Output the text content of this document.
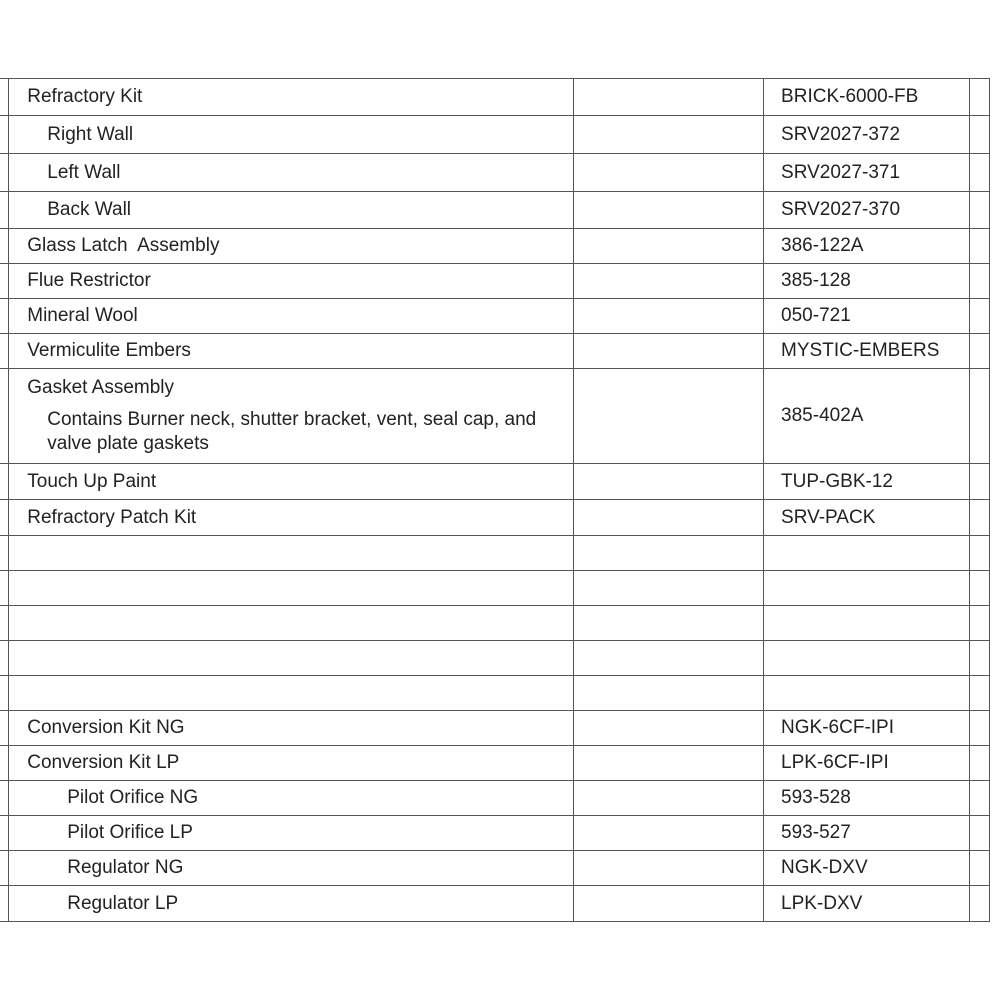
	Refractory Kit		BRICK-6000-FB	
	Right Wall		SRV2027-372	
	Left Wall		SRV2027-371	
	Back Wall		SRV2027-370	
	Glass Latch  Assembly		386-122A	
	Flue Restrictor		385-128	
	Mineral Wool		050-721	
	Vermiculite Embers		MYSTIC-EMBERS	
	Gasket Assembly
Contains Burner neck, shutter bracket, vent, seal cap, and valve plate gaskets		385-402A	
	Touch Up Paint		TUP-GBK-12	
	Refractory Patch Kit		SRV-PACK	

	Conversion Kit NG		NGK-6CF-IPI	
	Conversion Kit LP		LPK-6CF-IPI	
	Pilot Orifice NG		593-528	
	Pilot Orifice LP		593-527	
	Regulator NG		NGK-DXV	
	Regulator LP		LPK-DXV	
